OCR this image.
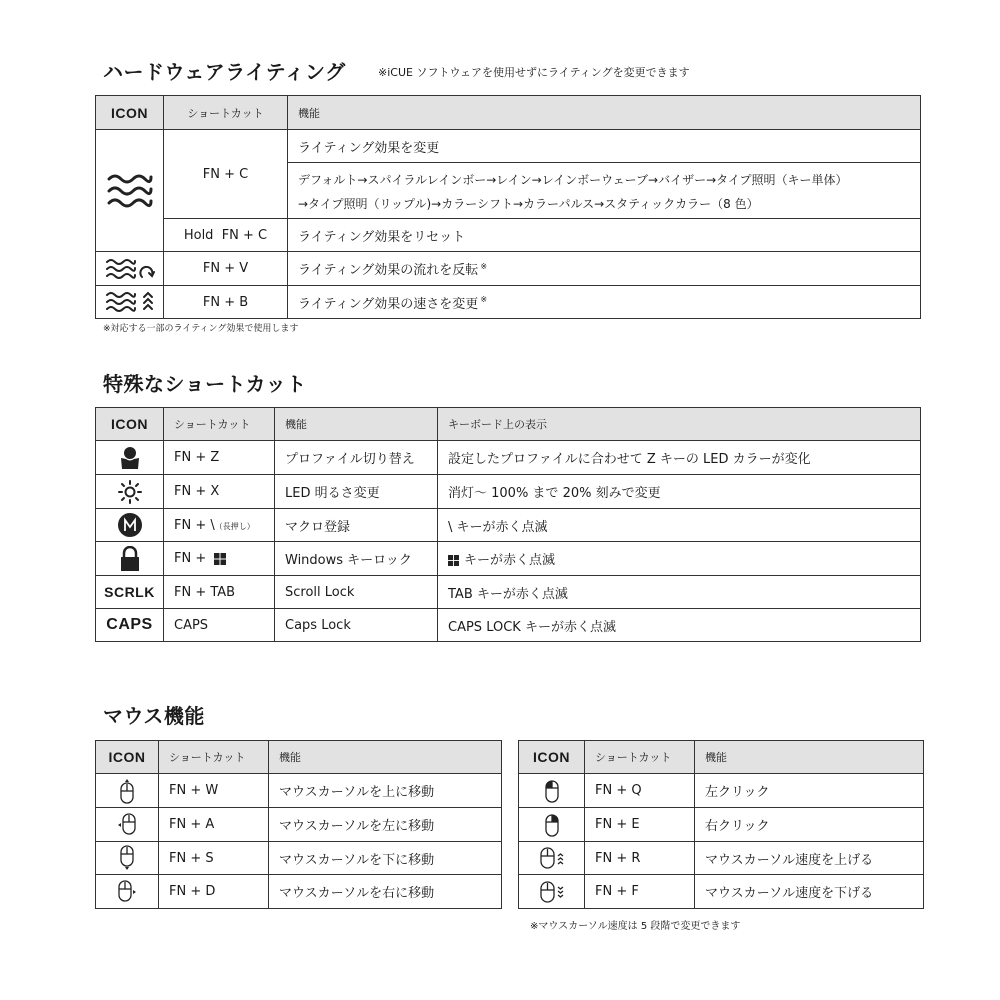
ハードウェアライティング	※iCUE ソフトウェアを使用せずにライティングを変更できます
ICON	ショートカット	機能
	FN + C	ライティング効果を変更

		デフォルト→スパイラルレインボー→レイン→レインボーウェーブ→バイザー→タイプ照明（キー単体）
→タイプ照明（リップル)→カラーシフト→カラーパルス→スタティックカラー（8 色）

	Hold  FN + C	ライティング効果をリセット
	FN + V	ライティング効果の流れを反転 ※
	FN + B	ライティング効果の速さを変更 ※
※対応する一部のライティング効果で使用します
特殊なショートカット
ICON	ショートカット	機能	キーボード上の表示
	FN + Z	プロファイル切り替え	設定したプロファイルに合わせて Z キーの LED カラーが変化
	FN + X	LED 明るさ変更	消灯～ 100% まで 20% 刻みで変更
	FN + \（長押し）	マクロ登録	\ キーが赤く点滅
	FN +	Windows キーロック	キーが赤く点滅
SCRLK	FN + TAB	Scroll Lock	TAB キーが赤く点滅
CAPS	CAPS	Caps Lock	CAPS LOCK キーが赤く点滅
マウス機能
ICON	ショートカット	機能
	FN + W	マウスカーソルを上に移動
	FN + A	マウスカーソルを左に移動
	FN + S	マウスカーソルを下に移動
	FN + D	マウスカーソルを右に移動
ICON	ショートカット	機能
	FN + Q	左クリック
	FN + E	右クリック
	FN + R	マウスカーソル速度を上げる
	FN + F	マウスカーソル速度を下げる
※マウスカーソル速度は 5 段階で変更できます
